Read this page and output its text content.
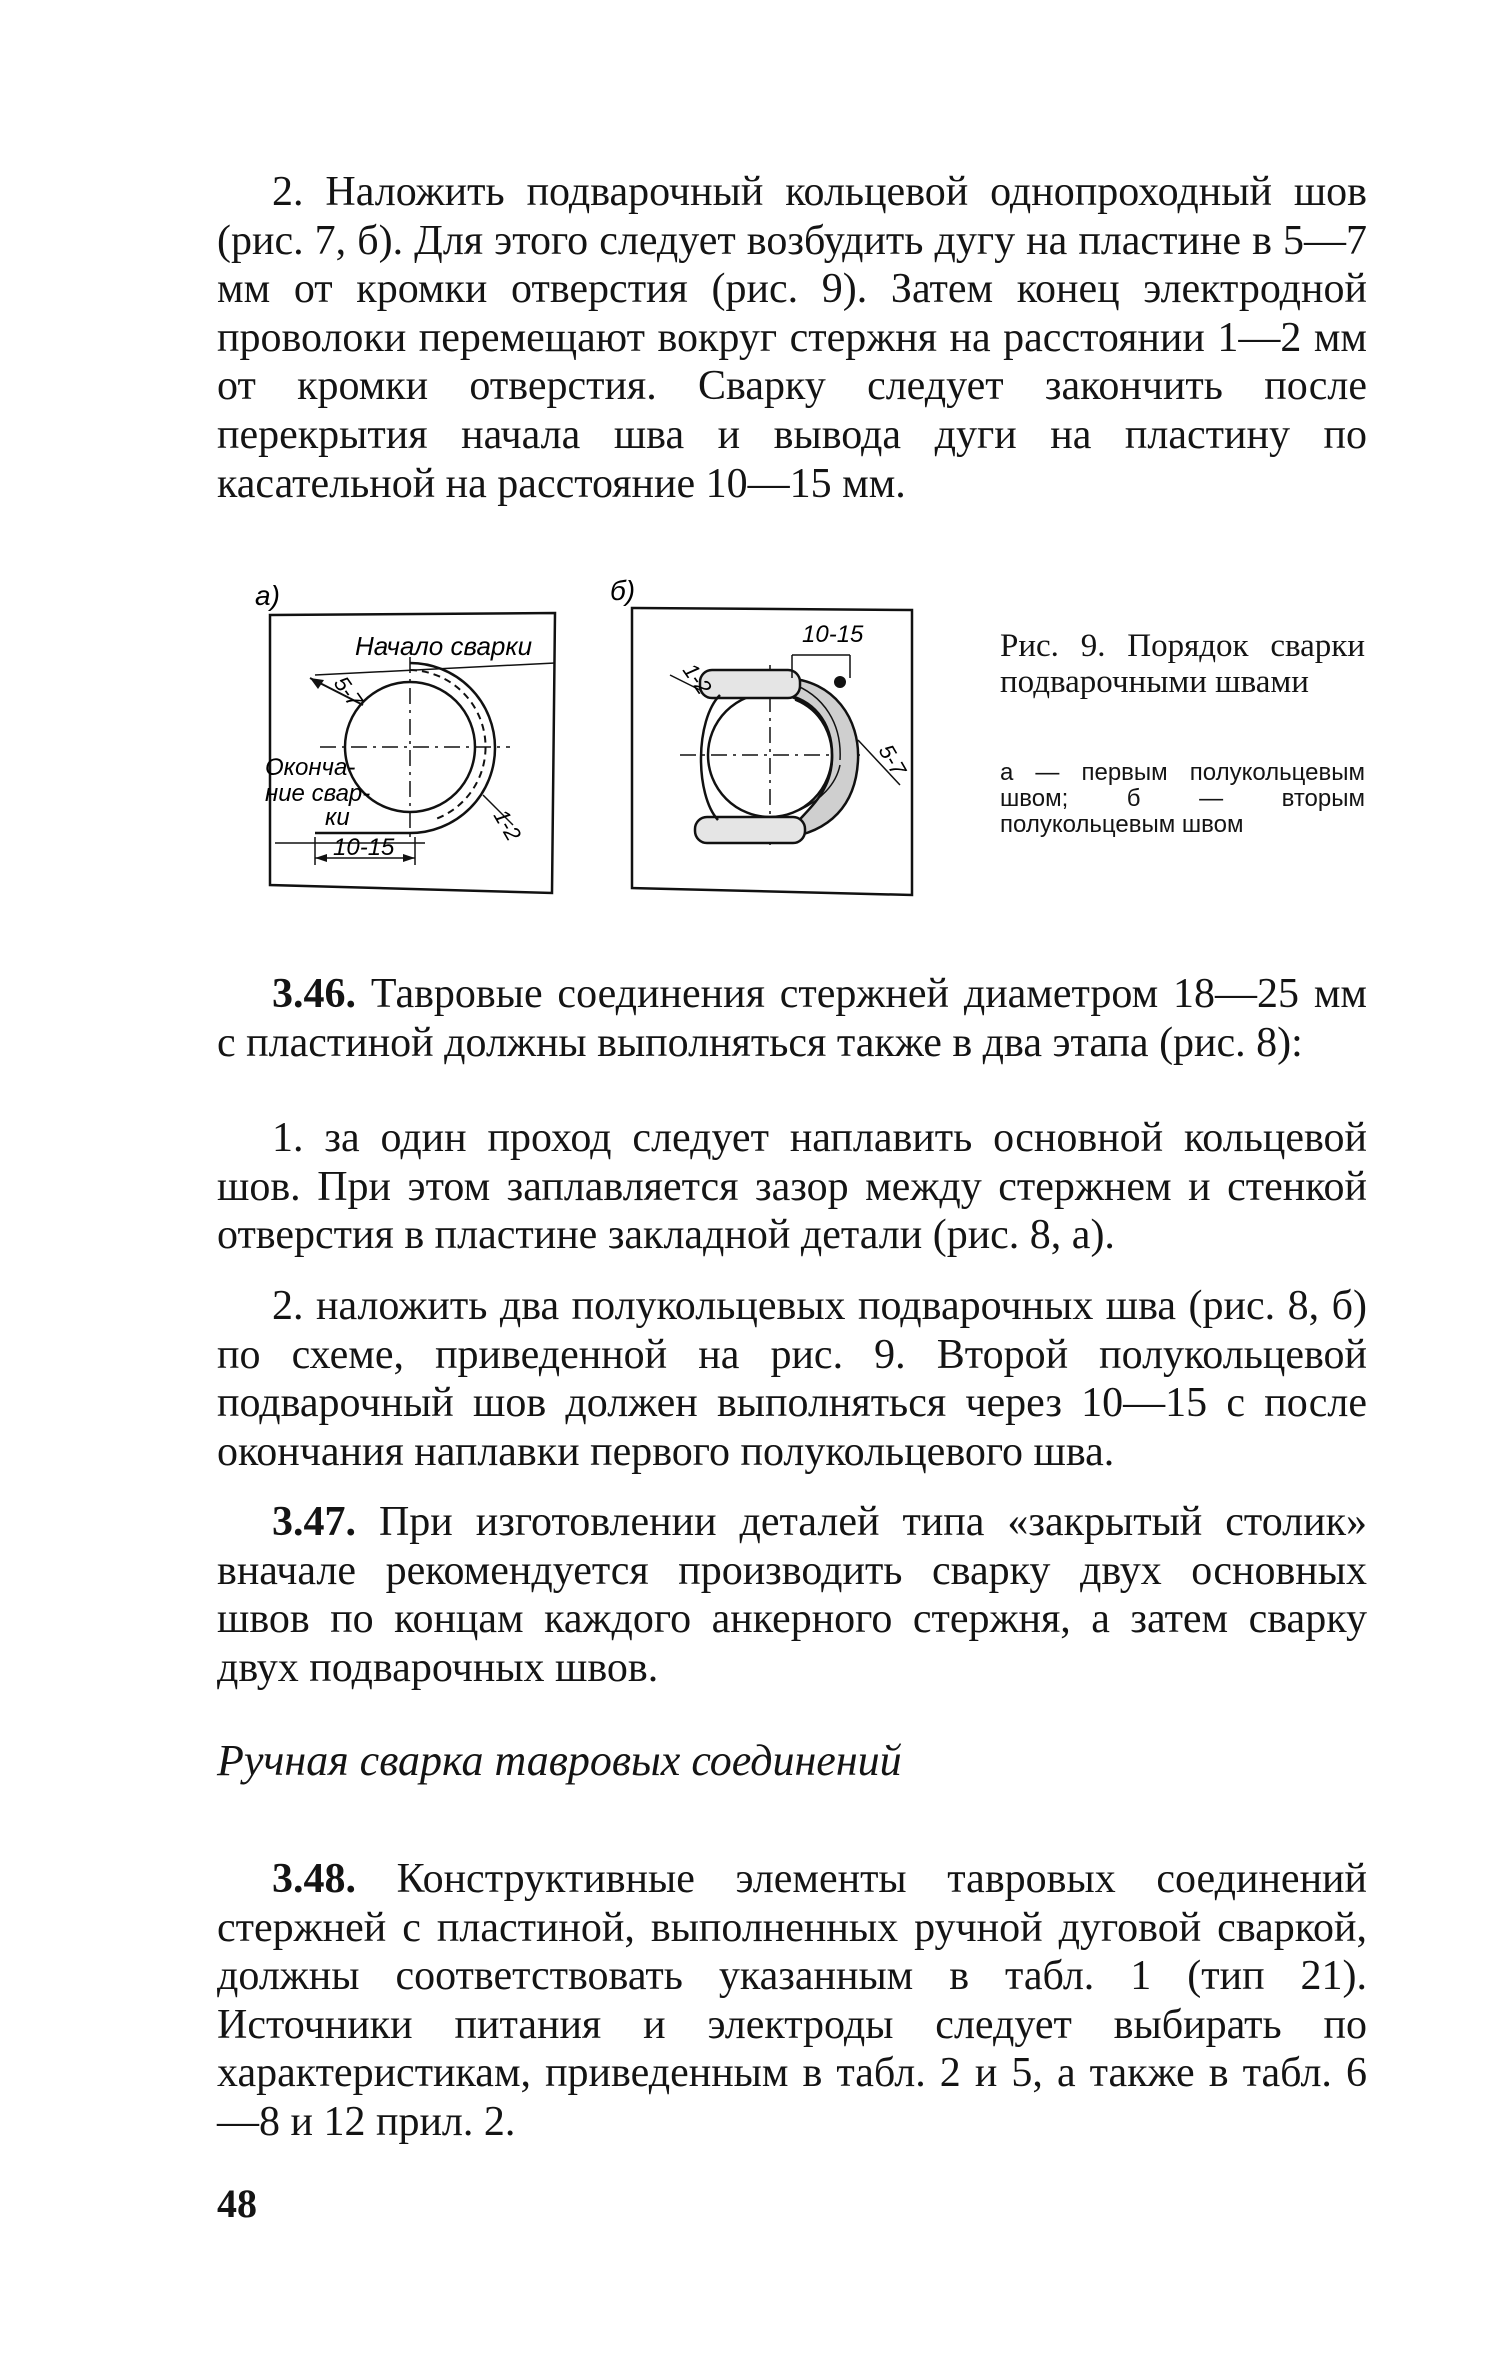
2. Наложить подварочный кольцевой однопроходный шов (рис. 7, б). Для этого следует возбудить дугу на пластине в 5—7 мм от кромки отверстия (рис. 9). Затем конец электродной проволоки перемещают вокруг стержня на расстоянии 1—2 мм от кромки отверстия. Сварку следует закончить после перекрытия начала шва и вывода дуги на пластину по касательной на расстояние 10—15 мм.
а)
Начало сварки
5-7
Оконча-
ние свар-
ки	1-2
10-15
б)
10-15
1-2
5-7
Рис. 9. Порядок сварки подварочными швами
а — первым полукольцевым швом; б — вторым полукольцевым швом
3.46. Тавровые соединения стержней диаметром 18—25 мм с пластиной должны выполняться также в два этапа (рис. 8):
1. за один проход следует наплавить основной кольцевой шов. При этом заплавляется зазор между стержнем и стенкой отверстия в пластине закладной детали (рис. 8, а).
2. наложить два полукольцевых подварочных шва (рис. 8, б) по схеме, приведенной на рис. 9. Второй полукольцевой подварочный шов должен выполняться через 10—15 с после окончания наплавки первого полукольцевого шва.
3.47. При изготовлении деталей типа «закрытый столик» вначале рекомендуется производить сварку двух основных швов по концам каждого анкерного стержня, а затем сварку двух подварочных швов.
Ручная сварка тавровых соединений
3.48. Конструктивные элементы тавровых соединений стержней с пластиной, выполненных ручной дуговой сваркой, должны соответствовать указанным в табл. 1 (тип 21). Источники питания и электроды следует выбирать по характеристикам, приведенным в табл. 2 и 5, а также в табл. 6—8 и 12 прил. 2.
48
